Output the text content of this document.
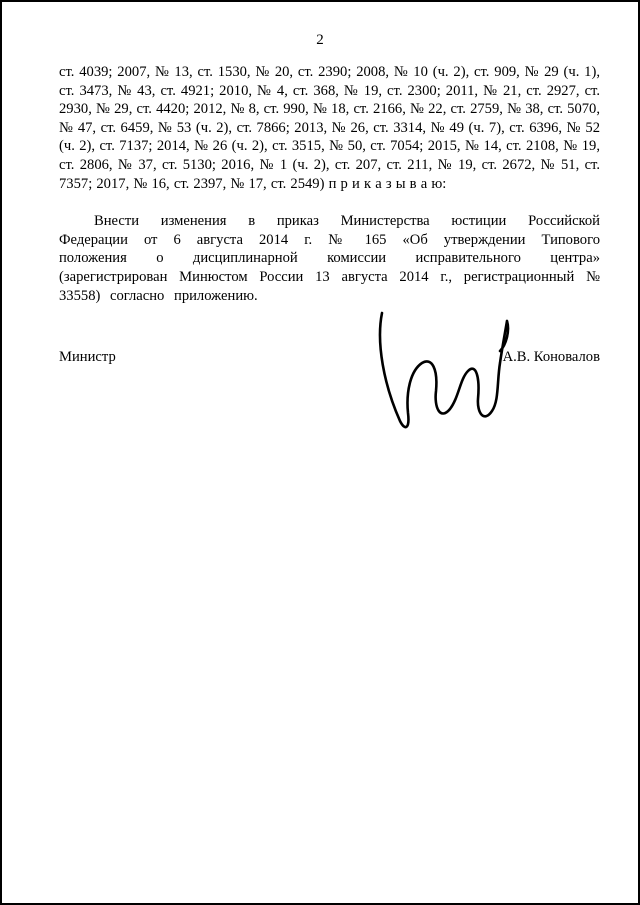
2

ст. 4039; 2007, № 13, ст. 1530, № 20, ст. 2390; 2008, № 10 (ч. 2), ст. 909, № 29 (ч. 1), ст. 3473, № 43, ст. 4921; 2010, № 4, ст. 368, № 19, ст. 2300; 2011, № 21, ст. 2927, ст. 2930, № 29, ст. 4420; 2012, № 8, ст. 990, № 18, ст. 2166, № 22, ст. 2759, № 38, ст. 5070, № 47, ст. 6459, № 53 (ч. 2), ст. 7866; 2013, № 26, ст. 3314, № 49 (ч. 7), ст. 6396, № 52 (ч. 2), ст. 7137; 2014, № 26 (ч. 2), ст. 3515, № 50, ст. 7054; 2015, № 14, ст. 2108, № 19, ст. 2806, № 37, ст. 5130; 2016, № 1 (ч. 2), ст. 207, ст. 211, № 19, ст. 2672, № 51, ст. 7357; 2017, № 16, ст. 2397, № 17, ст. 2549) п р и к а з ы в а ю:

Внести изменения в приказ Министерства юстиции Российской Федерации от 6 августа 2014 г. № 165 «Об утверждении Типового положения о дисциплинарной комиссии исправительного центра» (зарегистрирован Минюстом России 13 августа 2014 г., регистрационный № 33558) согласно приложению.

Министр	А.В. Коновалов
